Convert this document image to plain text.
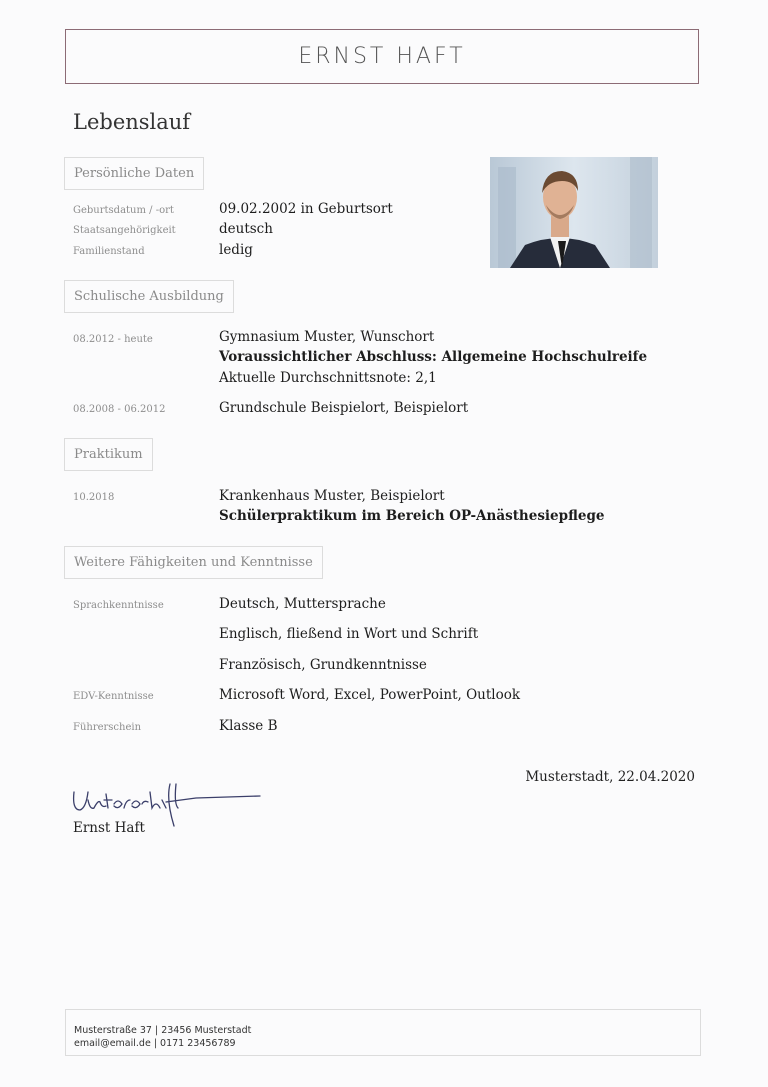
ERNST HAFT
Lebenslauf
Persönliche Daten
Geburtsdatum / -ort	09.02.2002 in Geburtsort
Staatsangehörigkeit	deutsch
Familienstand	ledig
Schulische Ausbildung
08.2012 - heute	Gymnasium Muster, Wunschort
Voraussichtlicher Abschluss: Allgemeine Hochschulreife
Aktuelle Durchschnittsnote: 2,1
08.2008 - 06.2012	Grundschule Beispielort, Beispielort
Praktikum
10.2018	Krankenhaus Muster, Beispielort
Schülerpraktikum im Bereich OP-Anästhesiepflege
Weitere Fähigkeiten und Kenntnisse
Sprachkenntnisse	Deutsch, Muttersprache
Englisch, fließend in Wort und Schrift
Französisch, Grundkenntnisse
EDV-Kenntnisse	Microsoft Word, Excel, PowerPoint, Outlook
Führerschein	Klasse B
Musterstadt, 22.04.2020
Ernst Haft
Musterstraße 37 | 23456 Musterstadt
email@email.de | 0171 23456789
